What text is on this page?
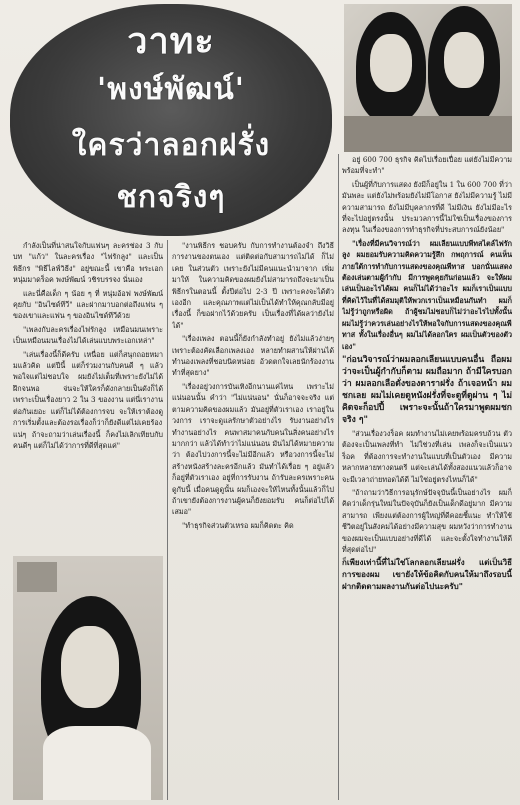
วาทะ
'พงษ์พัฒน์'
ใครว่าลอกฝรั่ง
ชกจริงๆ

กำลังเป็นที่น่าสนใจกับแฟนๆ ละครช่อง 3 กับบท "แก้ว" ในละครเรื่อง "ไฟรักลูง" และเป็นพิธีกร "พิธีไลฟ์วิธีง" อยู่ขณะนี้ เขาคือ พระเอกหนุ่มมาดร็อค พงษ์พัฒน์ วชิรบรรจง นั่นเอง

และนี่คือเด็ก ๆ น้อย ๆ ที่ หนุ่มอ้อฟ พงษ์พัฒน์ คุยกับ "อินไซด์ทีวี" และฝากมาบอกต่อถึงแฟน ๆ ของเขาและแฟน ๆ ของอินไซด์ทีวีด้วย

"เพลงกับละครเรื่องไฟรักลูง เหมือนมนเพราะ เป็นเหมือนมนเรื่องไม่ได้เล่นแบบพระเอกเหล่า"

"เล่นเรื่องนี้ก็ดีครับ เหนื่อย แต่ก็สนุกถอยหมามแล้วคิด แต่ปีนี้ แต่ก็ร่วมงานกับคนดี ๆ แล้วพอใจแต่ไม่ชอบใจ ผมยังไม่เต็มที่เพราะยังไม่ได้ฝึกจนพอ จ่นจะให้ใครก็ดังกลายเป็นดังก็ได้ เพราะเป็นเรื่องยาว 2 ใน 3 ของงาน แต่นี่เรางานต่อกันเยอะ แต่ก็ไม่ได้ต้องการจบ จะให้เราต้องดูการเริ่มตั้งและต้องรอเรื่องก็ว่าก็ยังดีแต่ไม่เคยร้องแน่ๆ ถ้าจะถามว่าเล่นเรื่องนี้ ก็คงไม่เลิกเทียบกับคนดีๆ แต่ก็ไม่ได้ว่าการที่ดีที่สุดแค่"

"งานพิธีกร ชอบครับ กับการทำงานต้องจำ ถึงวิธีการงานของตนเอง แต่ติดต่อกับสามารถไม่ได้ ก็ไม่เคย ในส่วนตัว เพราะยังไม่มีคนแนะนำมาจาก เพิ่มมาให้ ในความคิดของผมยังไม่สามารถถึงจะมาเป็นพิธีกรในตอนนี้ ตั้งปีต่อไป 2-3 ปี เพราะคงจะได้ตัวเองอีก และคุณภาพแต่ไม่เป็นได้ทำให้คุณกลับมีอยู่เรื่องนี้ ก็ขอฝากไว้ด้วยครับ เป็นเรื่องที่ได้ผลว่ายังไม่ได้"

"เรื่องเพลง ตอนนี้ก็ยังกำลังทำอยู่ ยังไม่แล้วง่ายๆ เพราะต้องคัดเลือกเพลงเอง หลายทำผสานให้ผ่านได้ทำนองเพลงที่ชอบนิดหน่อย อ้วดตกใจเลยนักร้องงานทำที่สุดยาง"

"เรื่องอยู่วงการบันเทิงอีกนานแค่ไหน เพราะไม่แน่นอนนั้น คำว่า "ไม่แน่นอน" นั่นก็อาจจะจริง แต่ตามความคิดของผมแล้ว มันอยู่ที่ตัวเราเอง เราอยู่ในวงการ เราจะดูแลรักษาตัวอย่างไร รับงานอย่างไร ทำงานอย่างไร คนพาสมาคนกับคนในสิ่งคนอย่างไรมากกว่า แล้วได้ทำว่าไม่แน่นอน มันไม่ได้หมายความว่า ต้องไปวงการนี้จะไม่มีอีกแล้ว หรือวงการนี้จะไม่สร้างหนังสร้างละครอีกแล้ว มันทำได้เรื่อย ๆ อยู่แล้ว ก็อยู่ที่ตัวเราเอง อยู่ที่การรับงาน ถ้ารับละครเพราะคนดูกับนี้ เมื่อคนดูดูนั้น ผมก็เองจะให้ไหนทั้งนั้นแล้วก็ไป ถ้าเขายังต้องการงานผู้คนก็ยังยอมรับ คนก็ต่อไปได้เสมอ"

"ทำธุรกิจส่วนตัวเหรอ ผมก็คิดตะ คิด

อยู่ 600 700 ธุรกิจ คิดไปเรื่อยเปื่อย แต่ยังไม่มีความพร้อมที่จะทำ"

เป็นผู้ที่กับการแสดง ยังมีก็อยู่ใน 1 ใน 600 700 ที่ว่ามันพละ แต่ยังไม่พร้อมยังไม่มีโอกาส ยังไม่มีความรู้ ไม่มีความสามารถ ยังไม่มีบุคลากรที่ดี ไม่มีเงิน ยังไม่มีอะไรที่จะไปอยู่ตรงนั้น ประมวลการนี้ไม่ใช่เป็นเรื่องของการลงทุน ในเรื่องของการทำธุรกิจที่ประสบการณ์ยังน้อย"

"เรื่องที่มีคนวิจารณ์ว่า ผมเลียนแบบพีทสไตล์ไฟรักลูง ผมยอมรับความคิดความรู้สึก กพฤการณ์ คนเห็นภายใต้การทำกับการแสดงของคุณพีทาส บอกนั่นแสดงต้องเล่นตามผู้กำกับ มีการพูดคุยกันก่อนแล้ว จะให้ผมเล่นเป็นอะไรได้ผม คนก็ไม่ได้ว่าอะไร ผมก็เราเป็นแบบที่คิดไว้ในที่ได้สมมุติให้พวกเราเป็นเหมือนกันทำ ผมก็ไม่รู้ว่าถูกหรือผิด ถ้าผู้ชมไม่ชอบก็ไม่ว่าอะไรไปทั้งนั้น ผมไม่รู้ว่าควรเล่นอย่างไรให้พอใจกับการแสดงของคุณพีทาส ทั้งในเรื่องอื่นๆ ผมไม่ได้ลอกใคร ผมเป็นตัวของตัวเอง"

"ก่อนวิจารณ์ว่าผมลอกเลียนแบบคนอื่น ถือผมว่าจะเป็นผู้กำกับก็ตาม ผมถือมาก ถ้ามีใครบอกว่า ผมลอกเลือดั่งของดาราฝรั่ง ถ้าเจอหน้า ผมชกเลย ผมไม่เคยดูหนังฝรั่งที่จะดูที่ดูผ่าน ๆ ไม่คิดจะก็อปปี้ เพราะจะนั้นถ้าใครมาพูดผมชกจริง ๆ"

"ส่วนเรื่องวงร็อค ผมทำงานไม่เคยพร้อมครบถ้วน ตัวต้องจะเป็นเพลงที่ทำ ไม่ใช่วงที่เล่น เพลงก็จะเป็นแนวร็อค ที่ต้องการจะทำงานในแบบที่เป็นตัวเอง มีความหลากหลายทางดนตรี แต่จะเล่นได้ทั้งสองแนวแล้วก็อาจจะมีเวลาถ่ายทอดได้ดี ไม่ใช่อยู่ตรงไหนก็ได้"

"ถ้าถามว่าวิธีการอนุรักษ์ปัจจุบันนี้เป็นอย่างไร ผมก็คิดว่าเด็กรุ่นใหม่ในปัจจุบันก็ยังเป็นเด็กดีอยู่มาก มีความสามารถ เพียงแต่ต้องการผู้ใหญ่ที่ดีคอยชี้แนะ ทำให้ใช้ชีวิตอยู่ในสังคมได้อย่างมีความสุข ผมหวังว่าการทำงานของผมจะเป็นแบบอย่างที่ดีได้ และจะตั้งใจทำงานให้ดีที่สุดต่อไป"

ก็เพียงเท่านี้ที่ไม่ใช่โลกลอกเลียนฝรั่ง แต่เป็นวิธีการของผม เขายังให้ข้อคิดกับคนให้มาถึงรอบนี้ ฝากติดตามผลงานกันต่อไปนะครับ"
